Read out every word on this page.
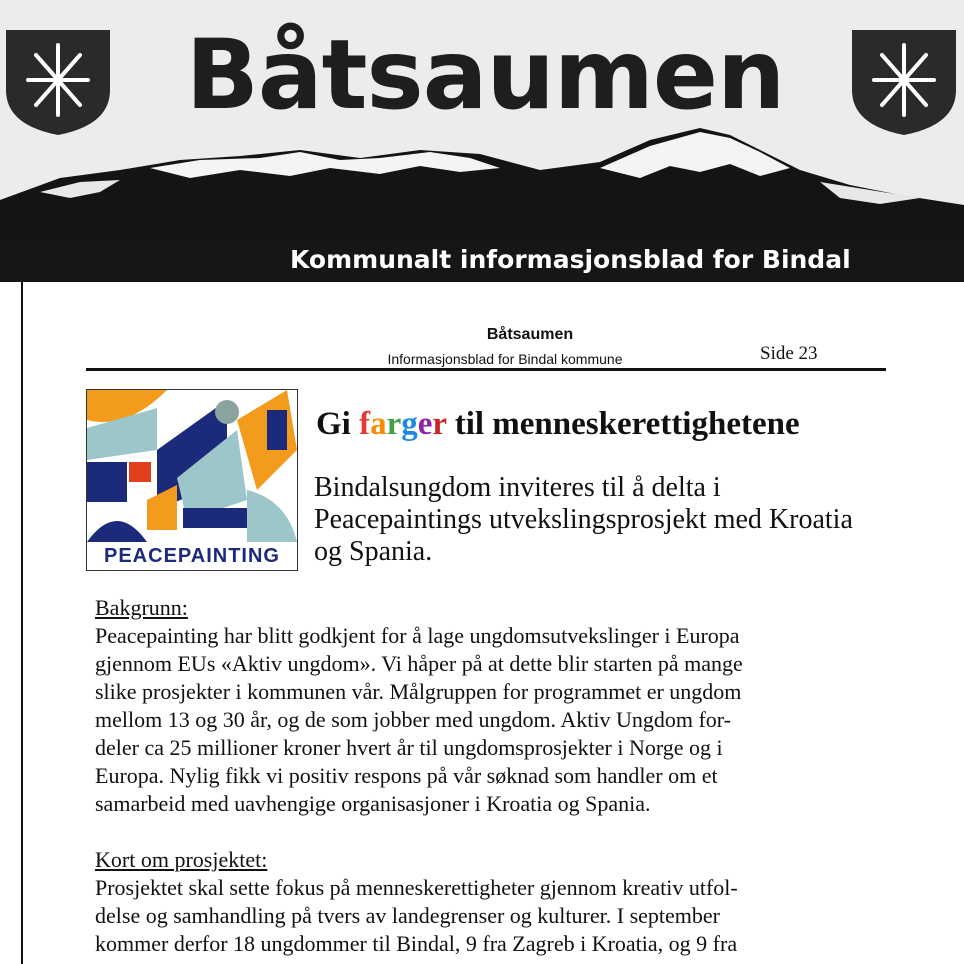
Båtsaumen
Kommunalt informasjonsblad for Bindal
Båtsaumen
Informasjonsblad for Bindal kommune	Side 23
PEACEPAINTING
Gi farger til menneskerettighetene
Bindalsungdom inviteres til å delta i Peacepaintings utvekslingsprosjekt med Kroatia og Spania.

Bakgrunn:

Peacepainting har blitt godkjent for å lage ungdomsutvekslinger i Europa

gjennom EUs «Aktiv ungdom». Vi håper på at dette blir starten på mange

slike prosjekter i kommunen vår. Målgruppen for programmet er ungdom

mellom 13 og 30 år, og de som jobber med ungdom. Aktiv Ungdom for-

deler ca 25 millioner kroner hvert år til ungdomsprosjekter i Norge og i

Europa. Nylig fikk vi positiv respons på vår søknad som handler om et

samarbeid med uavhengige organisasjoner i Kroatia og Spania.

Kort om prosjektet:

Prosjektet skal sette fokus på menneskerettigheter gjennom kreativ utfol-

delse og samhandling på tvers av landegrenser og kulturer. I september

kommer derfor 18 ungdommer til Bindal, 9 fra Zagreb i Kroatia, og 9 fra
